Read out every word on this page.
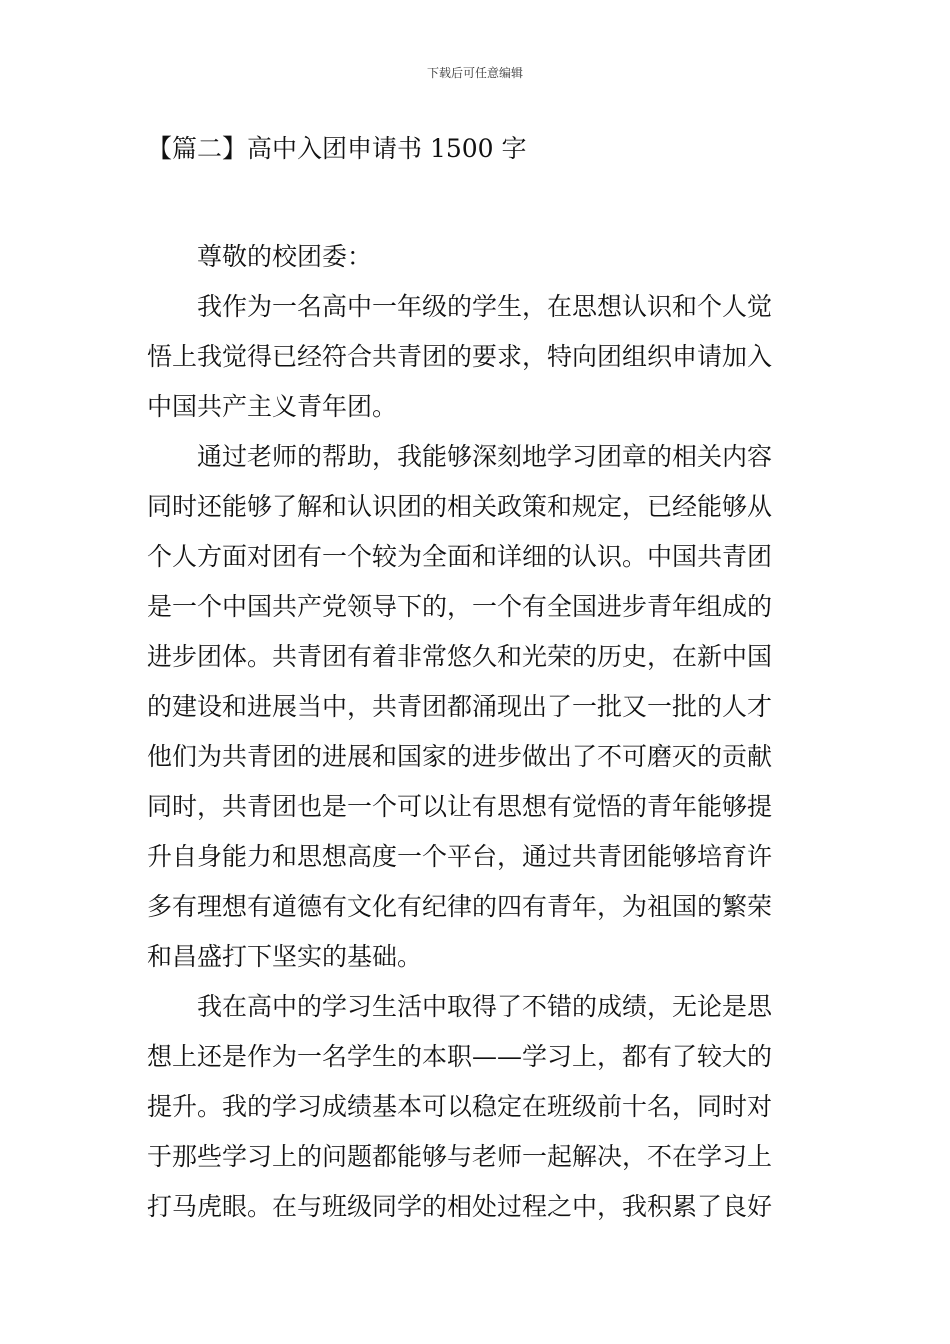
下载后可任意编辑
【篇二】高中入团申请书 1500 字

尊敬的校团委：

我作为一名高中一年级的学生，在思想认识和个人觉
悟上我觉得已经符合共青团的要求，特向团组织申请加入
中国共产主义青年团。
通过老师的帮助，我能够深刻地学习团章的相关内容
同时还能够了解和认识团的相关政策和规定，已经能够从
个人方面对团有一个较为全面和详细的认识。中国共青团
是一个中国共产党领导下的，一个有全国进步青年组成的
进步团体。共青团有着非常悠久和光荣的历史，在新中国
的建设和进展当中，共青团都涌现出了一批又一批的人才
他们为共青团的进展和国家的进步做出了不可磨灭的贡献
同时，共青团也是一个可以让有思想有觉悟的青年能够提
升自身能力和思想高度一个平台，通过共青团能够培育许
多有理想有道德有文化有纪律的四有青年，为祖国的繁荣
和昌盛打下坚实的基础。
我在高中的学习生活中取得了不错的成绩，无论是思
想上还是作为一名学生的本职——学习上，都有了较大的
提升。我的学习成绩基本可以稳定在班级前十名，同时对
于那些学习上的问题都能够与老师一起解决，不在学习上
打马虎眼。在与班级同学的相处过程之中，我积累了良好
